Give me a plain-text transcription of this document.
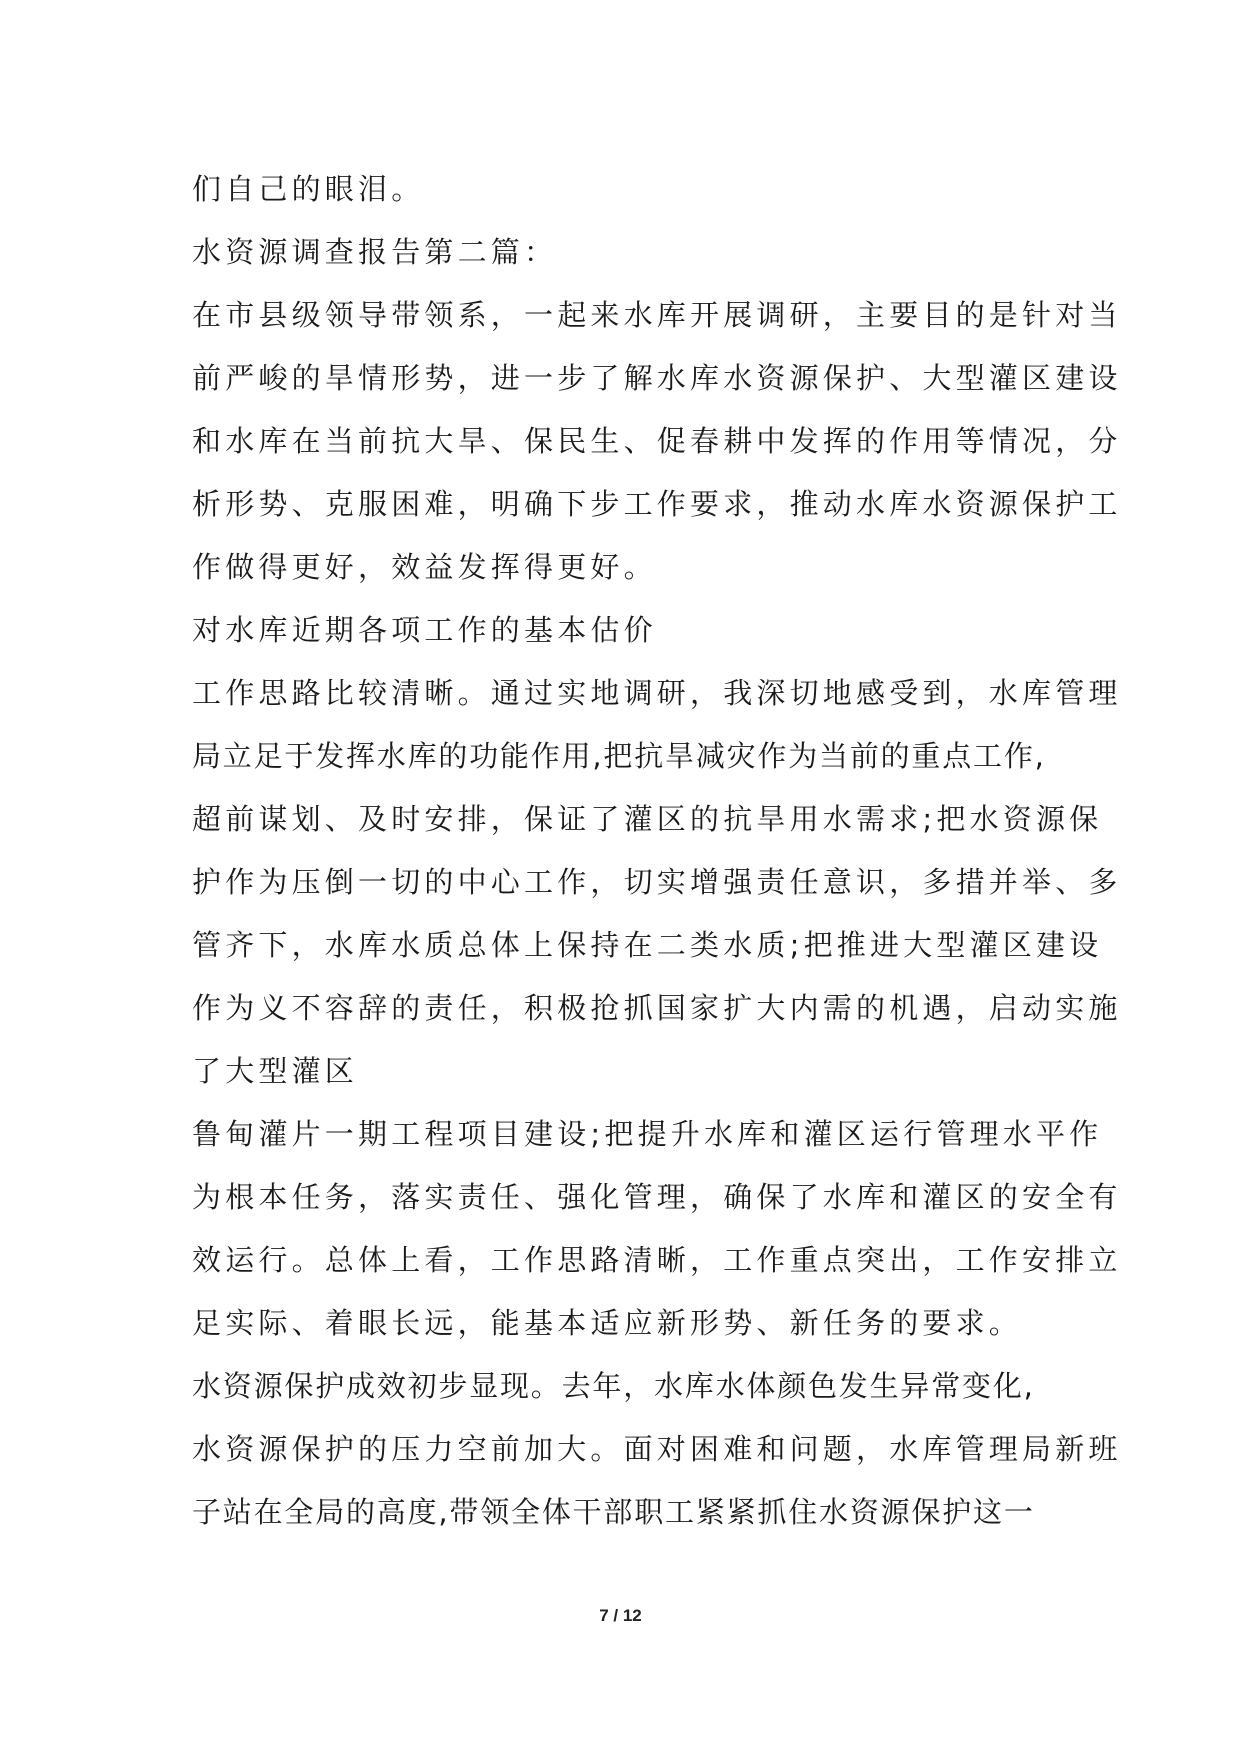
们自己的眼泪。
水资源调查报告第二篇：
在市县级领导带领系，一起来水库开展调研，主要目的是针对当
前严峻的旱情形势，进一步了解水库水资源保护、大型灌区建设
和水库在当前抗大旱、保民生、促春耕中发挥的作用等情况，分
析形势、克服困难，明确下步工作要求，推动水库水资源保护工
作做得更好，效益发挥得更好。
对水库近期各项工作的基本估价
工作思路比较清晰。通过实地调研，我深切地感受到，水库管理
局立足于发挥水库的功能作用,把抗旱减灾作为当前的重点工作,
超前谋划、及时安排，保证了灌区的抗旱用水需求;把水资源保
护作为压倒一切的中心工作，切实增强责任意识，多措并举、多
管齐下，水库水质总体上保持在二类水质;把推进大型灌区建设
作为义不容辞的责任，积极抢抓国家扩大内需的机遇，启动实施
了大型灌区
鲁甸灌片一期工程项目建设;把提升水库和灌区运行管理水平作
为根本任务，落实责任、强化管理，确保了水库和灌区的安全有
效运行。总体上看，工作思路清晰，工作重点突出，工作安排立
足实际、着眼长远，能基本适应新形势、新任务的要求。
水资源保护成效初步显现。去年，水库水体颜色发生异常变化,
水资源保护的压力空前加大。面对困难和问题，水库管理局新班
子站在全局的高度,带领全体干部职工紧紧抓住水资源保护这一
7 / 12
